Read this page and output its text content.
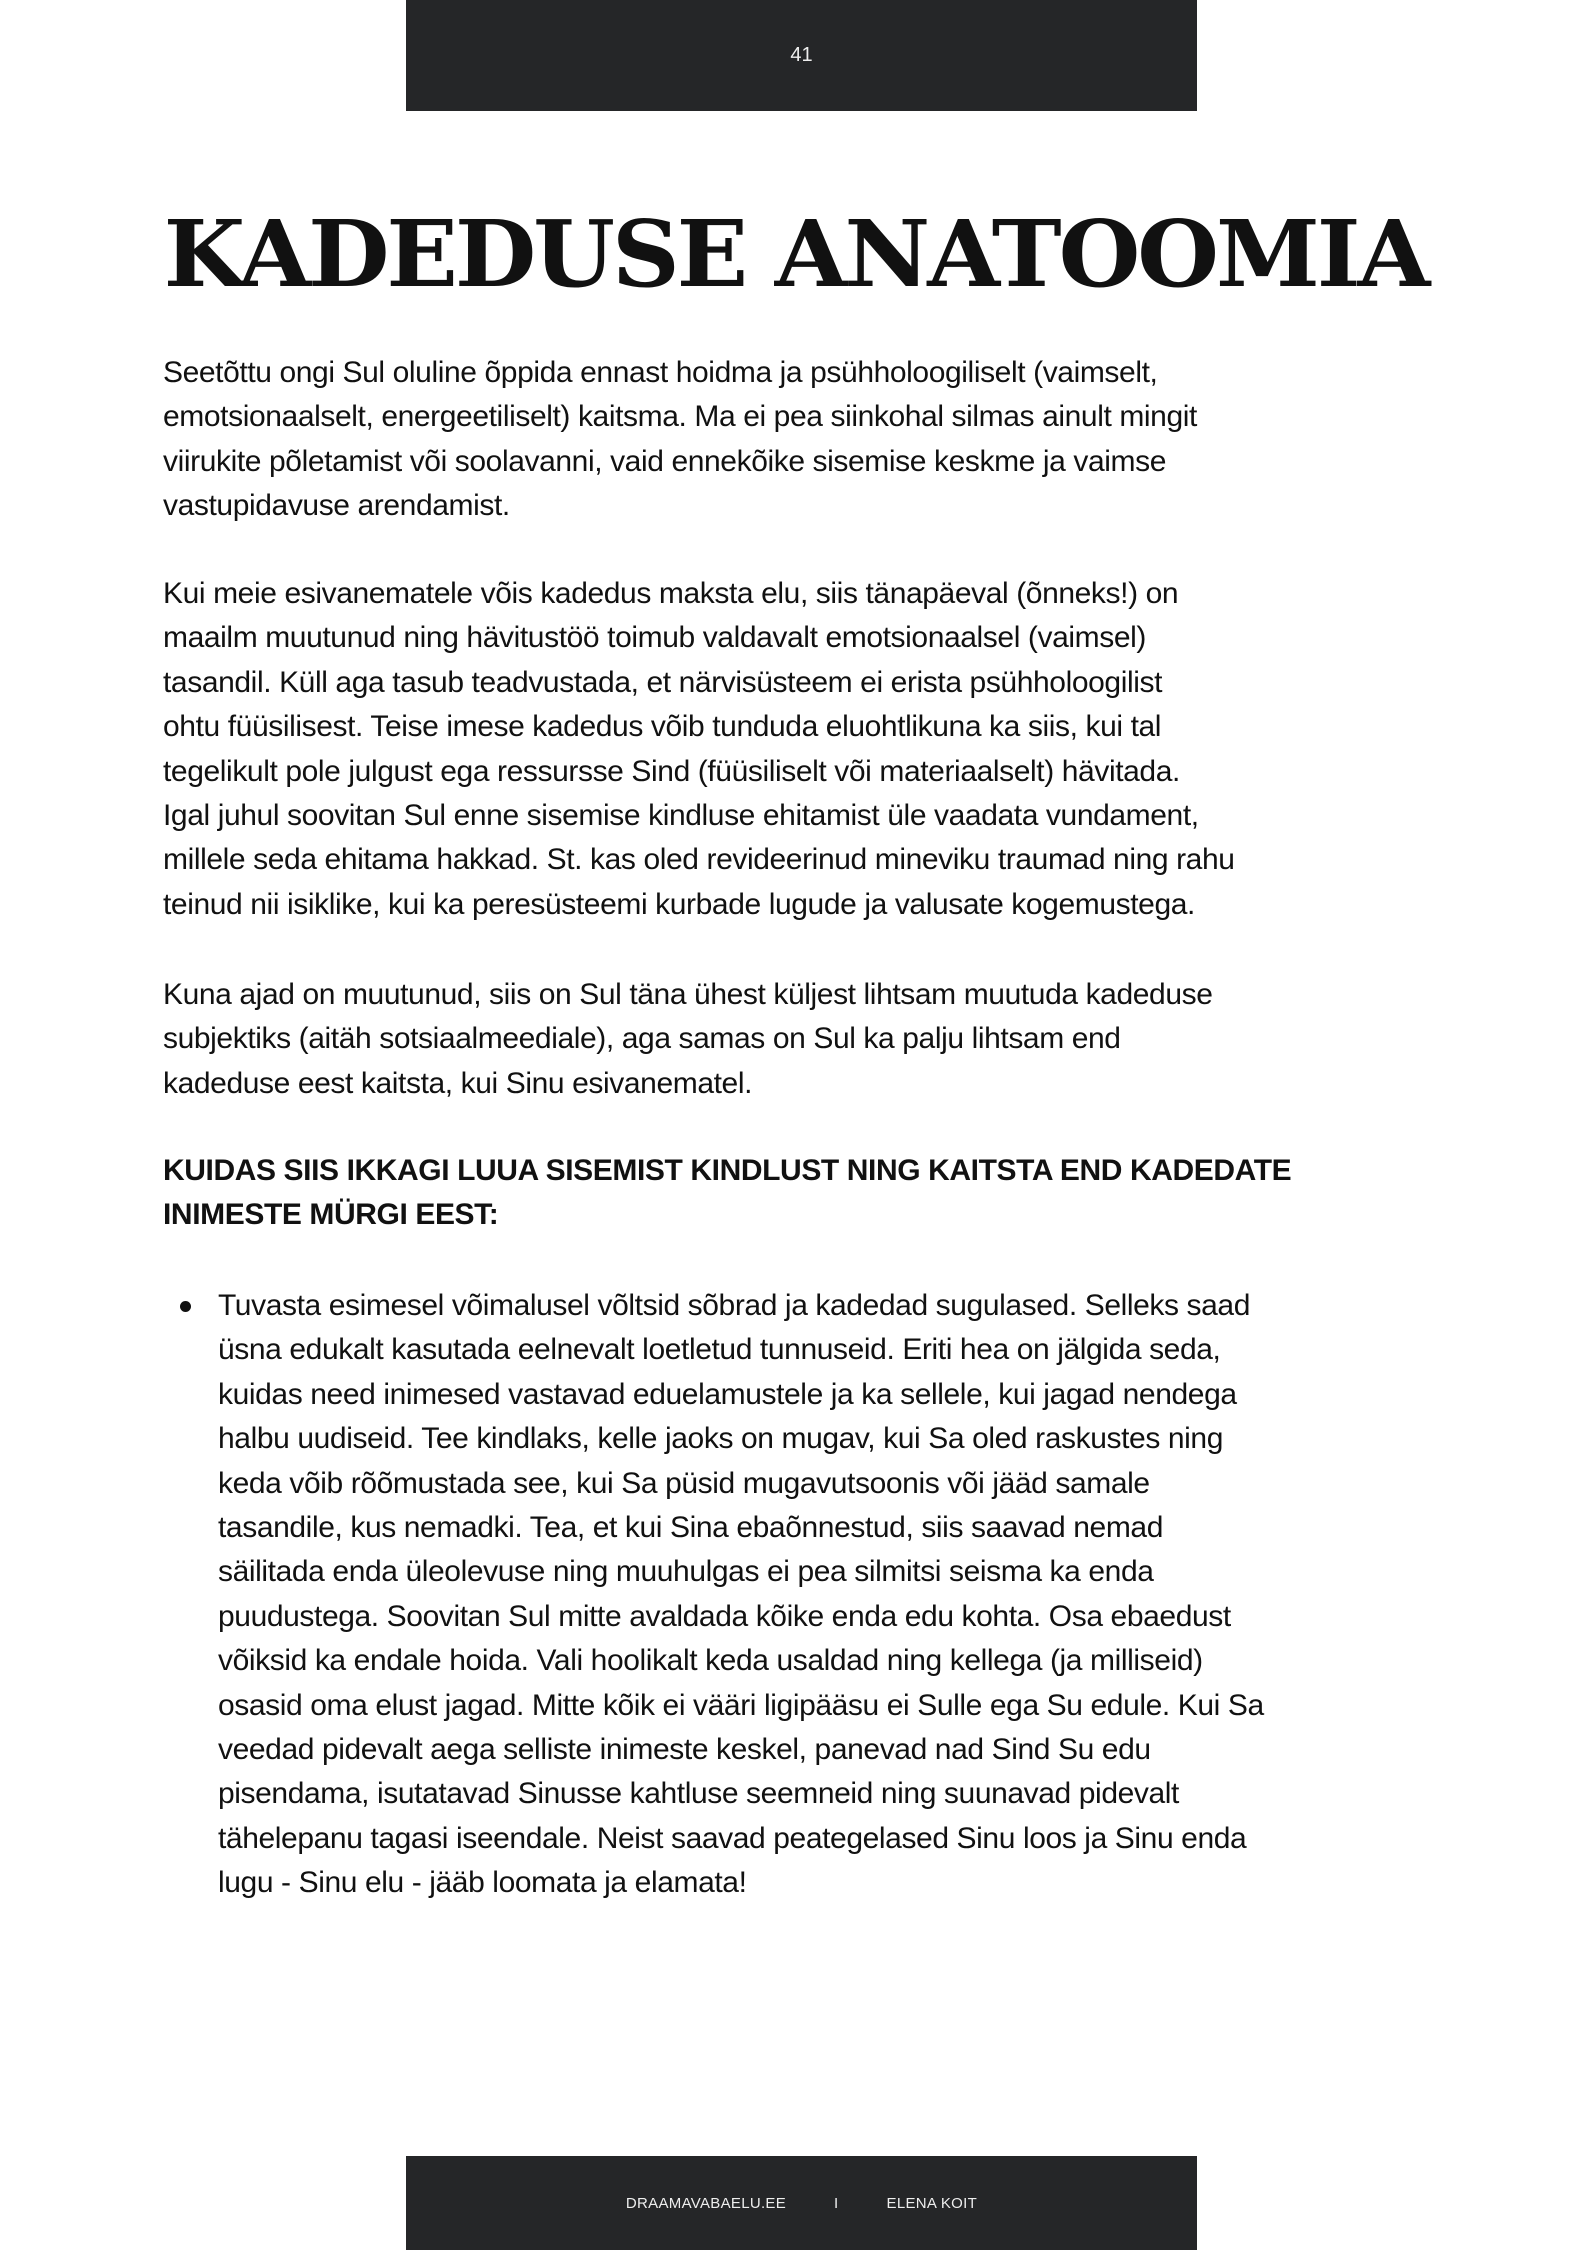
41
KADEDUSE ANATOOMIA
Seetõttu ongi Sul oluline õppida ennast hoidma ja psühholoogiliselt (vaimselt,
emotsionaalselt, energeetiliselt) kaitsma. Ma ei pea siinkohal silmas ainult mingit
viirukite põletamist või soolavanni, vaid ennekõike sisemise keskme ja vaimse
vastupidavuse arendamist.
Kui meie esivanematele võis kadedus maksta elu, siis tänapäeval (õnneks!) on
maailm muutunud ning hävitustöö toimub valdavalt emotsionaalsel (vaimsel)
tasandil. Küll aga tasub teadvustada, et närvisüsteem ei erista psühholoogilist
ohtu füüsilisest. Teise imese kadedus võib tunduda eluohtlikuna ka siis, kui tal
tegelikult pole julgust ega ressursse Sind (füüsiliselt või materiaalselt) hävitada.
Igal juhul soovitan Sul enne sisemise kindluse ehitamist üle vaadata vundament,
millele seda ehitama hakkad. St. kas oled revideerinud mineviku traumad ning rahu
teinud nii isiklike, kui ka peresüsteemi kurbade lugude ja valusate kogemustega.
Kuna ajad on muutunud, siis on Sul täna ühest küljest lihtsam muutuda kadeduse
subjektiks (aitäh sotsiaalmeediale), aga samas on Sul ka palju lihtsam end
kadeduse eest kaitsta, kui Sinu esivanematel.
KUIDAS SIIS IKKAGI LUUA SISEMIST KINDLUST NING KAITSTA END KADEDATE
INIMESTE MÜRGI EEST:
Tuvasta esimesel võimalusel võltsid sõbrad ja kadedad sugulased. Selleks saad
üsna edukalt kasutada eelnevalt loetletud tunnuseid. Eriti hea on jälgida seda,
kuidas need inimesed vastavad eduelamustele ja ka sellele, kui jagad nendega
halbu uudiseid. Tee kindlaks, kelle jaoks on mugav, kui Sa oled raskustes ning
keda võib rõõmustada see, kui Sa püsid mugavutsoonis või jääd samale
tasandile, kus nemadki. Tea, et kui Sina ebaõnnestud, siis saavad nemad
säilitada enda üleolevuse ning muuhulgas ei pea silmitsi seisma ka enda
puudustega. Soovitan Sul mitte avaldada kõike enda edu kohta. Osa ebaedust
võiksid ka endale hoida. Vali hoolikalt keda usaldad ning kellega (ja milliseid)
osasid oma elust jagad. Mitte kõik ei vääri ligipääsu ei Sulle ega Su edule. Kui Sa
veedad pidevalt aega selliste inimeste keskel, panevad nad Sind Su edu
pisendama, isutatavad Sinusse kahtluse seemneid ning suunavad pidevalt
tähelepanu tagasi iseendale. Neist saavad peategelased Sinu loos ja Sinu enda
lugu - Sinu elu - jääb loomata ja elamata!
DRAAMAVABAELU.EE	I	ELENA KOIT
